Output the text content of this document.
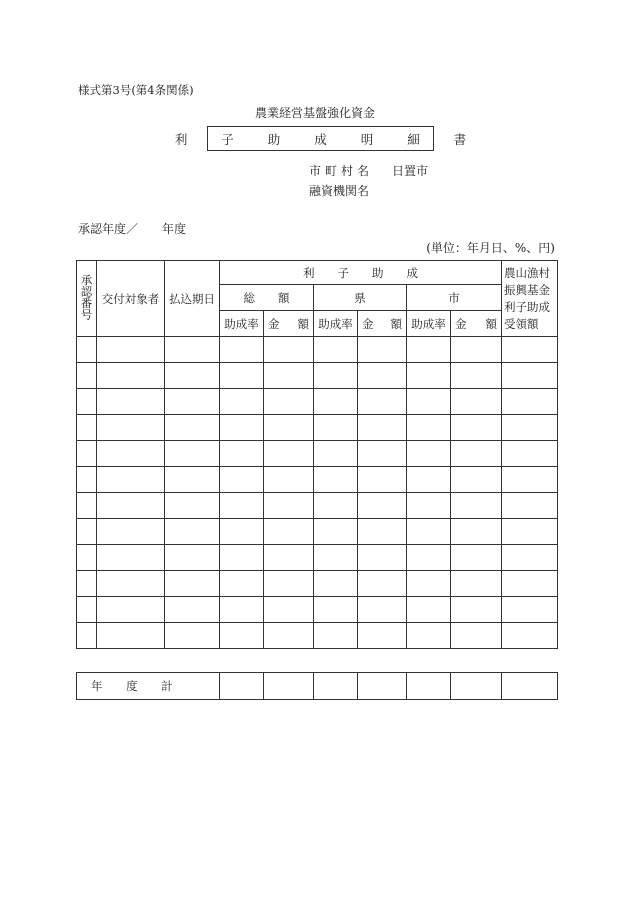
様式第3号(第4条関係)
農業経営基盤強化資金
利 子 助 成 明 細 書
市町村名 日置市
融資機関名
承認年度／　　年度
(単位：年月日、%、円)
承認番号	交付対象者	払込期日	利　　子　　助　　成						農山漁村振興基金利子助成受領額
			総　　額		県		市		
			助成率	金 額	助成率	金 額	助成率	金 額	

年 度 計							
